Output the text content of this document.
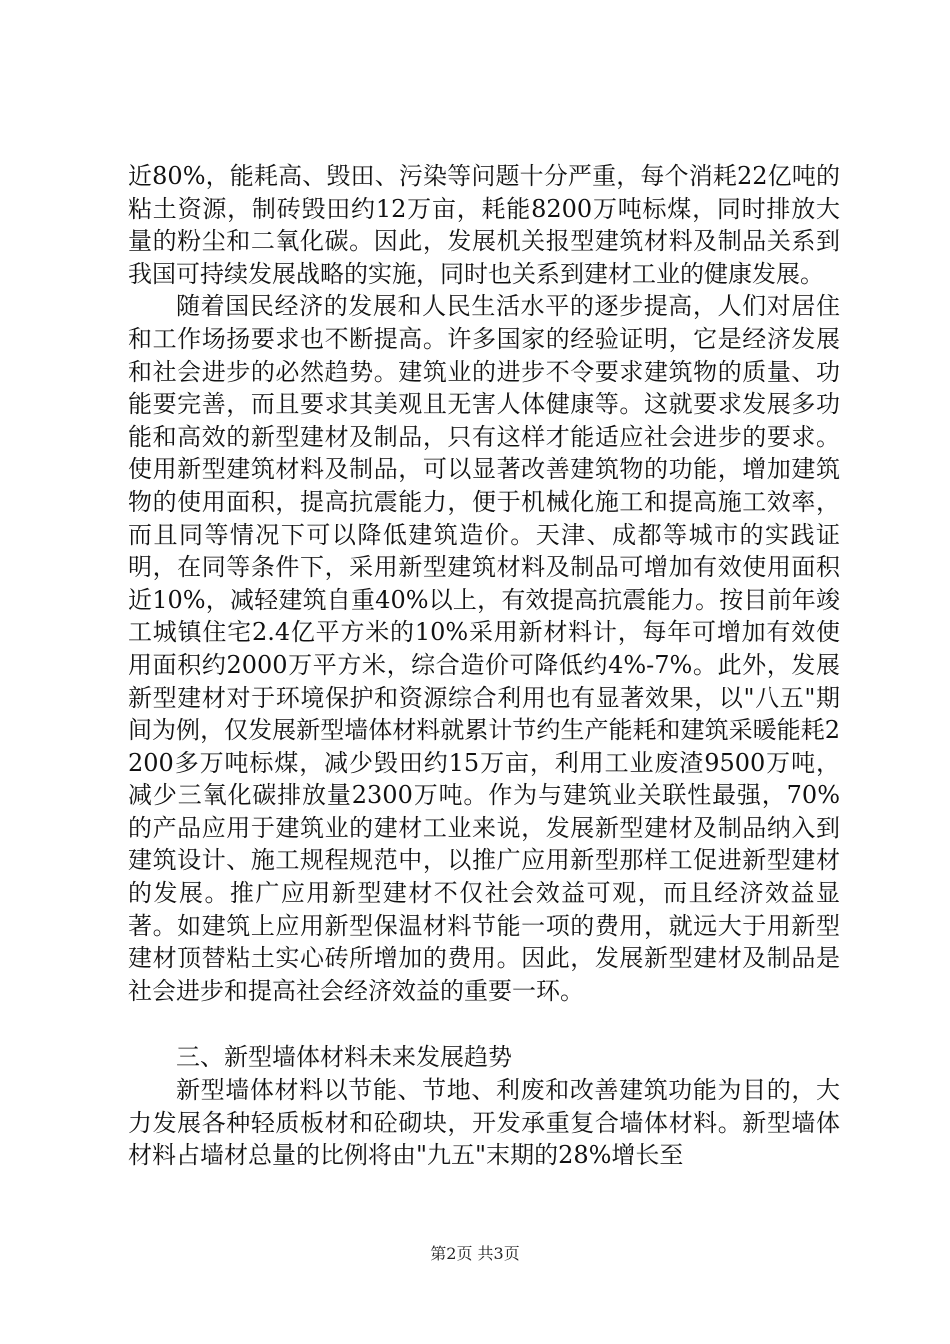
近80%，能耗高、毁田、污染等问题十分严重，每个消耗22亿吨的粘土资源，制砖毁田约12万亩，耗能8200万吨标煤，同时排放大量的粉尘和二氧化碳。因此，发展机关报型建筑材料及制品关系到我国可持续发展战略的实施，同时也关系到建材工业的健康发展。

随着国民经济的发展和人民生活水平的逐步提高，人们对居住和工作场扬要求也不断提高。许多国家的经验证明，它是经济发展和社会进步的必然趋势。建筑业的进步不令要求建筑物的质量、功能要完善，而且要求其美观且无害人体健康等。这就要求发展多功能和高效的新型建材及制品，只有这样才能适应社会进步的要求。使用新型建筑材料及制品，可以显著改善建筑物的功能，增加建筑物的使用面积，提高抗震能力，便于机械化施工和提高施工效率，而且同等情况下可以降低建筑造价。天津、成都等城市的实践证明，在同等条件下，采用新型建筑材料及制品可增加有效使用面积近10%，减轻建筑自重40%以上，有效提高抗震能力。按目前年竣工城镇住宅2.4亿平方米的10%采用新材料计，每年可增加有效使用面积约2000万平方米，综合造价可降低约4%-7%。此外，发展新型建材对于环境保护和资源综合利用也有显著效果，以"八五"期间为例，仅发展新型墙体材料就累计节约生产能耗和建筑采暖能耗2200多万吨标煤，减少毁田约15万亩，利用工业废渣9500万吨，减少三氧化碳排放量2300万吨。作为与建筑业关联性最强，70%的产品应用于建筑业的建材工业来说，发展新型建材及制品纳入到建筑设计、施工规程规范中，以推广应用新型那样工促进新型建材的发展。推广应用新型建材不仅社会效益可观，而且经济效益显著。如建筑上应用新型保温材料节能一项的费用，就远大于用新型建材顶替粘土实心砖所增加的费用。因此，发展新型建材及制品是社会进步和提高社会经济效益的重要一环。

三、新型墙体材料未来发展趋势

新型墙体材料以节能、节地、利废和改善建筑功能为目的，大力发展各种轻质板材和砼砌块，开发承重复合墙体材料。新型墙体材料占墙材总量的比例将由"九五"末期的28%增长至

第2页 共3页
